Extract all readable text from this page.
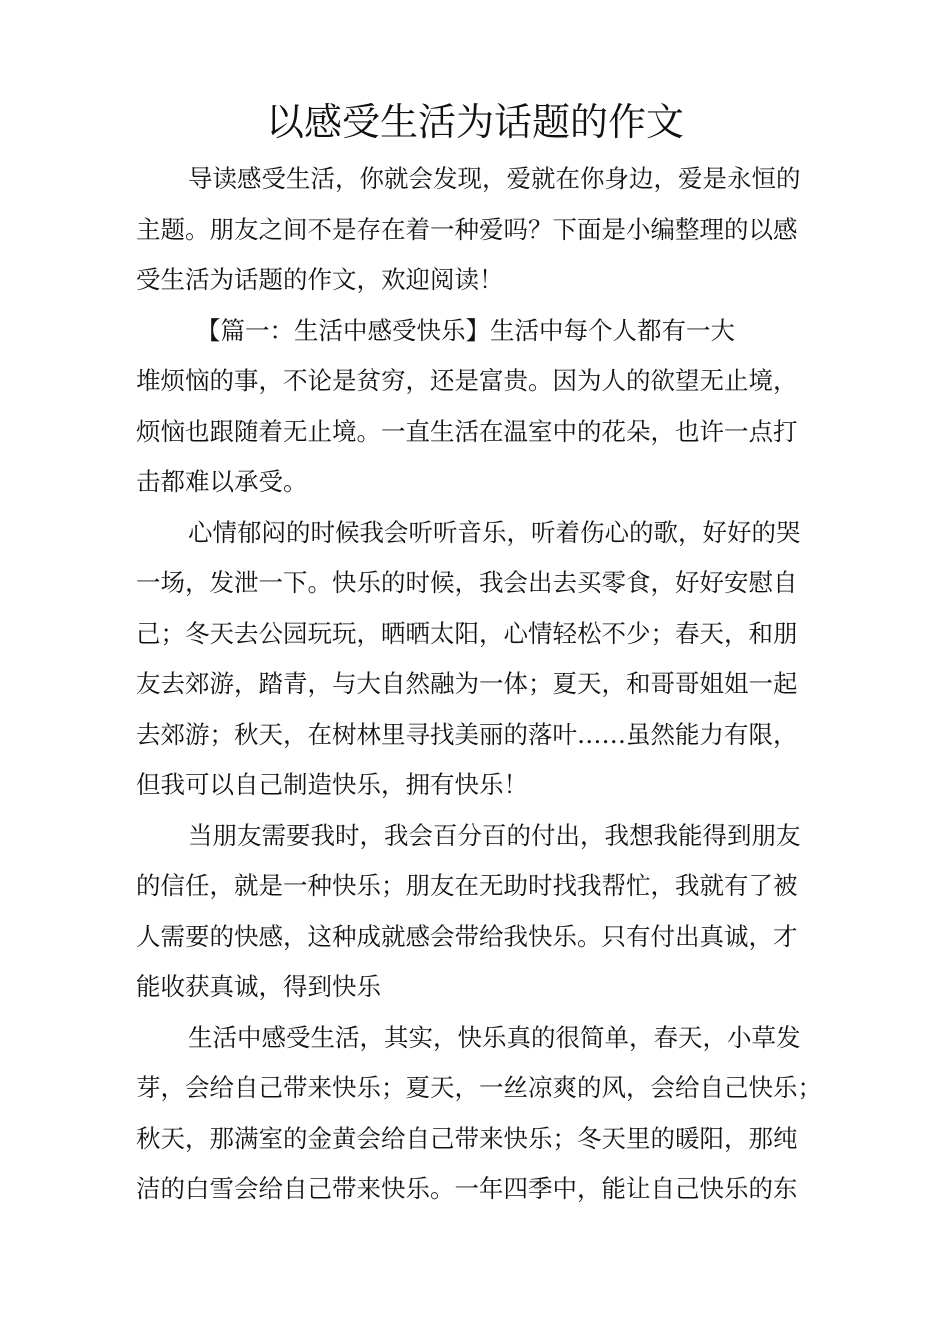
以感受生活为话题的作文
导读感受生活，你就会发现，爱就在你身边，爱是永恒的
主题。朋友之间不是存在着一种爱吗？下面是小编整理的以感
受生活为话题的作文，欢迎阅读！
【篇一：生活中感受快乐】生活中每个人都有一大
堆烦恼的事，不论是贫穷，还是富贵。因为人的欲望无止境，
烦恼也跟随着无止境。一直生活在温室中的花朵，也许一点打
击都难以承受。
心情郁闷的时候我会听听音乐，听着伤心的歌，好好的哭
一场，发泄一下。快乐的时候，我会出去买零食，好好安慰自
己；冬天去公园玩玩，晒晒太阳，心情轻松不少；春天，和朋
友去郊游，踏青，与大自然融为一体；夏天，和哥哥姐姐一起
去郊游；秋天，在树林里寻找美丽的落叶……虽然能力有限，
但我可以自己制造快乐，拥有快乐！
当朋友需要我时，我会百分百的付出，我想我能得到朋友
的信任，就是一种快乐；朋友在无助时找我帮忙，我就有了被
人需要的快感，这种成就感会带给我快乐。只有付出真诚，才
能收获真诚，得到快乐
生活中感受生活，其实，快乐真的很简单，春天，小草发
芽，会给自己带来快乐；夏天，一丝凉爽的风，会给自己快乐；
秋天，那满室的金黄会给自己带来快乐；冬天里的暖阳，那纯
洁的白雪会给自己带来快乐。一年四季中，能让自己快乐的东
